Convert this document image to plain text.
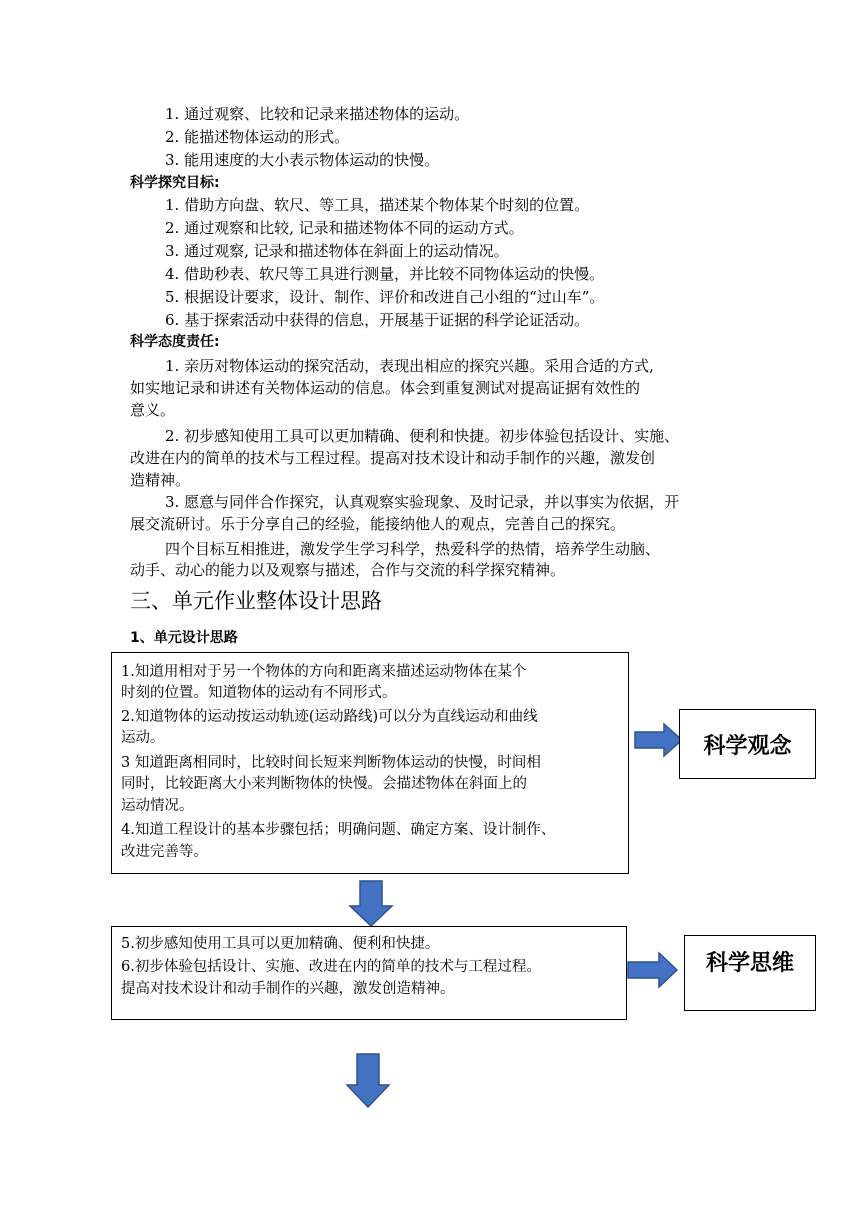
1. 通过观察、比较和记录来描述物体的运动。
2. 能描述物体运动的形式。
3. 能用速度的大小表示物体运动的快慢。
科学探究目标:
1. 借助方向盘、软尺、等工具，描述某个物体某个时刻的位置。
2. 通过观察和比较, 记录和描述物体不同的运动方式。
3. 通过观察, 记录和描述物体在斜面上的运动情况。
4. 借助秒表、软尺等工具进行测量，并比较不同物体运动的快慢。
5. 根据设计要求，设计、制作、评价和改进自己小组的“过山车”。
6. 基于探索活动中获得的信息，开展基于证据的科学论证活动。
科学态度责任:
1. 亲历对物体运动的探究活动，表现出相应的探究兴趣。采用合适的方式,
如实地记录和讲述有关物体运动的信息。体会到重复测试对提高证据有效性的
意义。
2. 初步感知使用工具可以更加精确、便利和快捷。初步体验包括设计、实施、
改进在内的简单的技术与工程过程。提高对技术设计和动手制作的兴趣，激发创
造精神。
3. 愿意与同伴合作探究，认真观察实验现象、及时记录，并以事实为依据，开
展交流研讨。乐于分享自己的经验，能接纳他人的观点，完善自己的探究。
四个目标互相推进，激发学生学习科学，热爱科学的热情，培养学生动脑、
动手、动心的能力以及观察与描述，合作与交流的科学探究精神。
三、单元作业整体设计思路
1、单元设计思路
1.知道用相对于另一个物体的方向和距离来描述运动物体在某个
时刻的位置。知道物体的运动有不同形式。
2.知道物体的运动按运动轨迹(运动路线)可以分为直线运动和曲线
运动。
3 知道距离相同时，比较时间长短来判断物体运动的快慢，时间相
同时，比较距离大小来判断物体的快慢。会描述物体在斜面上的
运动情况。
4.知道工程设计的基本步骤包括；明确问题、确定方案、设计制作、
改进完善等。
科学观念
5.初步感知使用工具可以更加精确、便利和快捷。
6.初步体验包括设计、实施、改进在内的简单的技术与工程过程。
提高对技术设计和动手制作的兴趣，激发创造精神。
科学思维
